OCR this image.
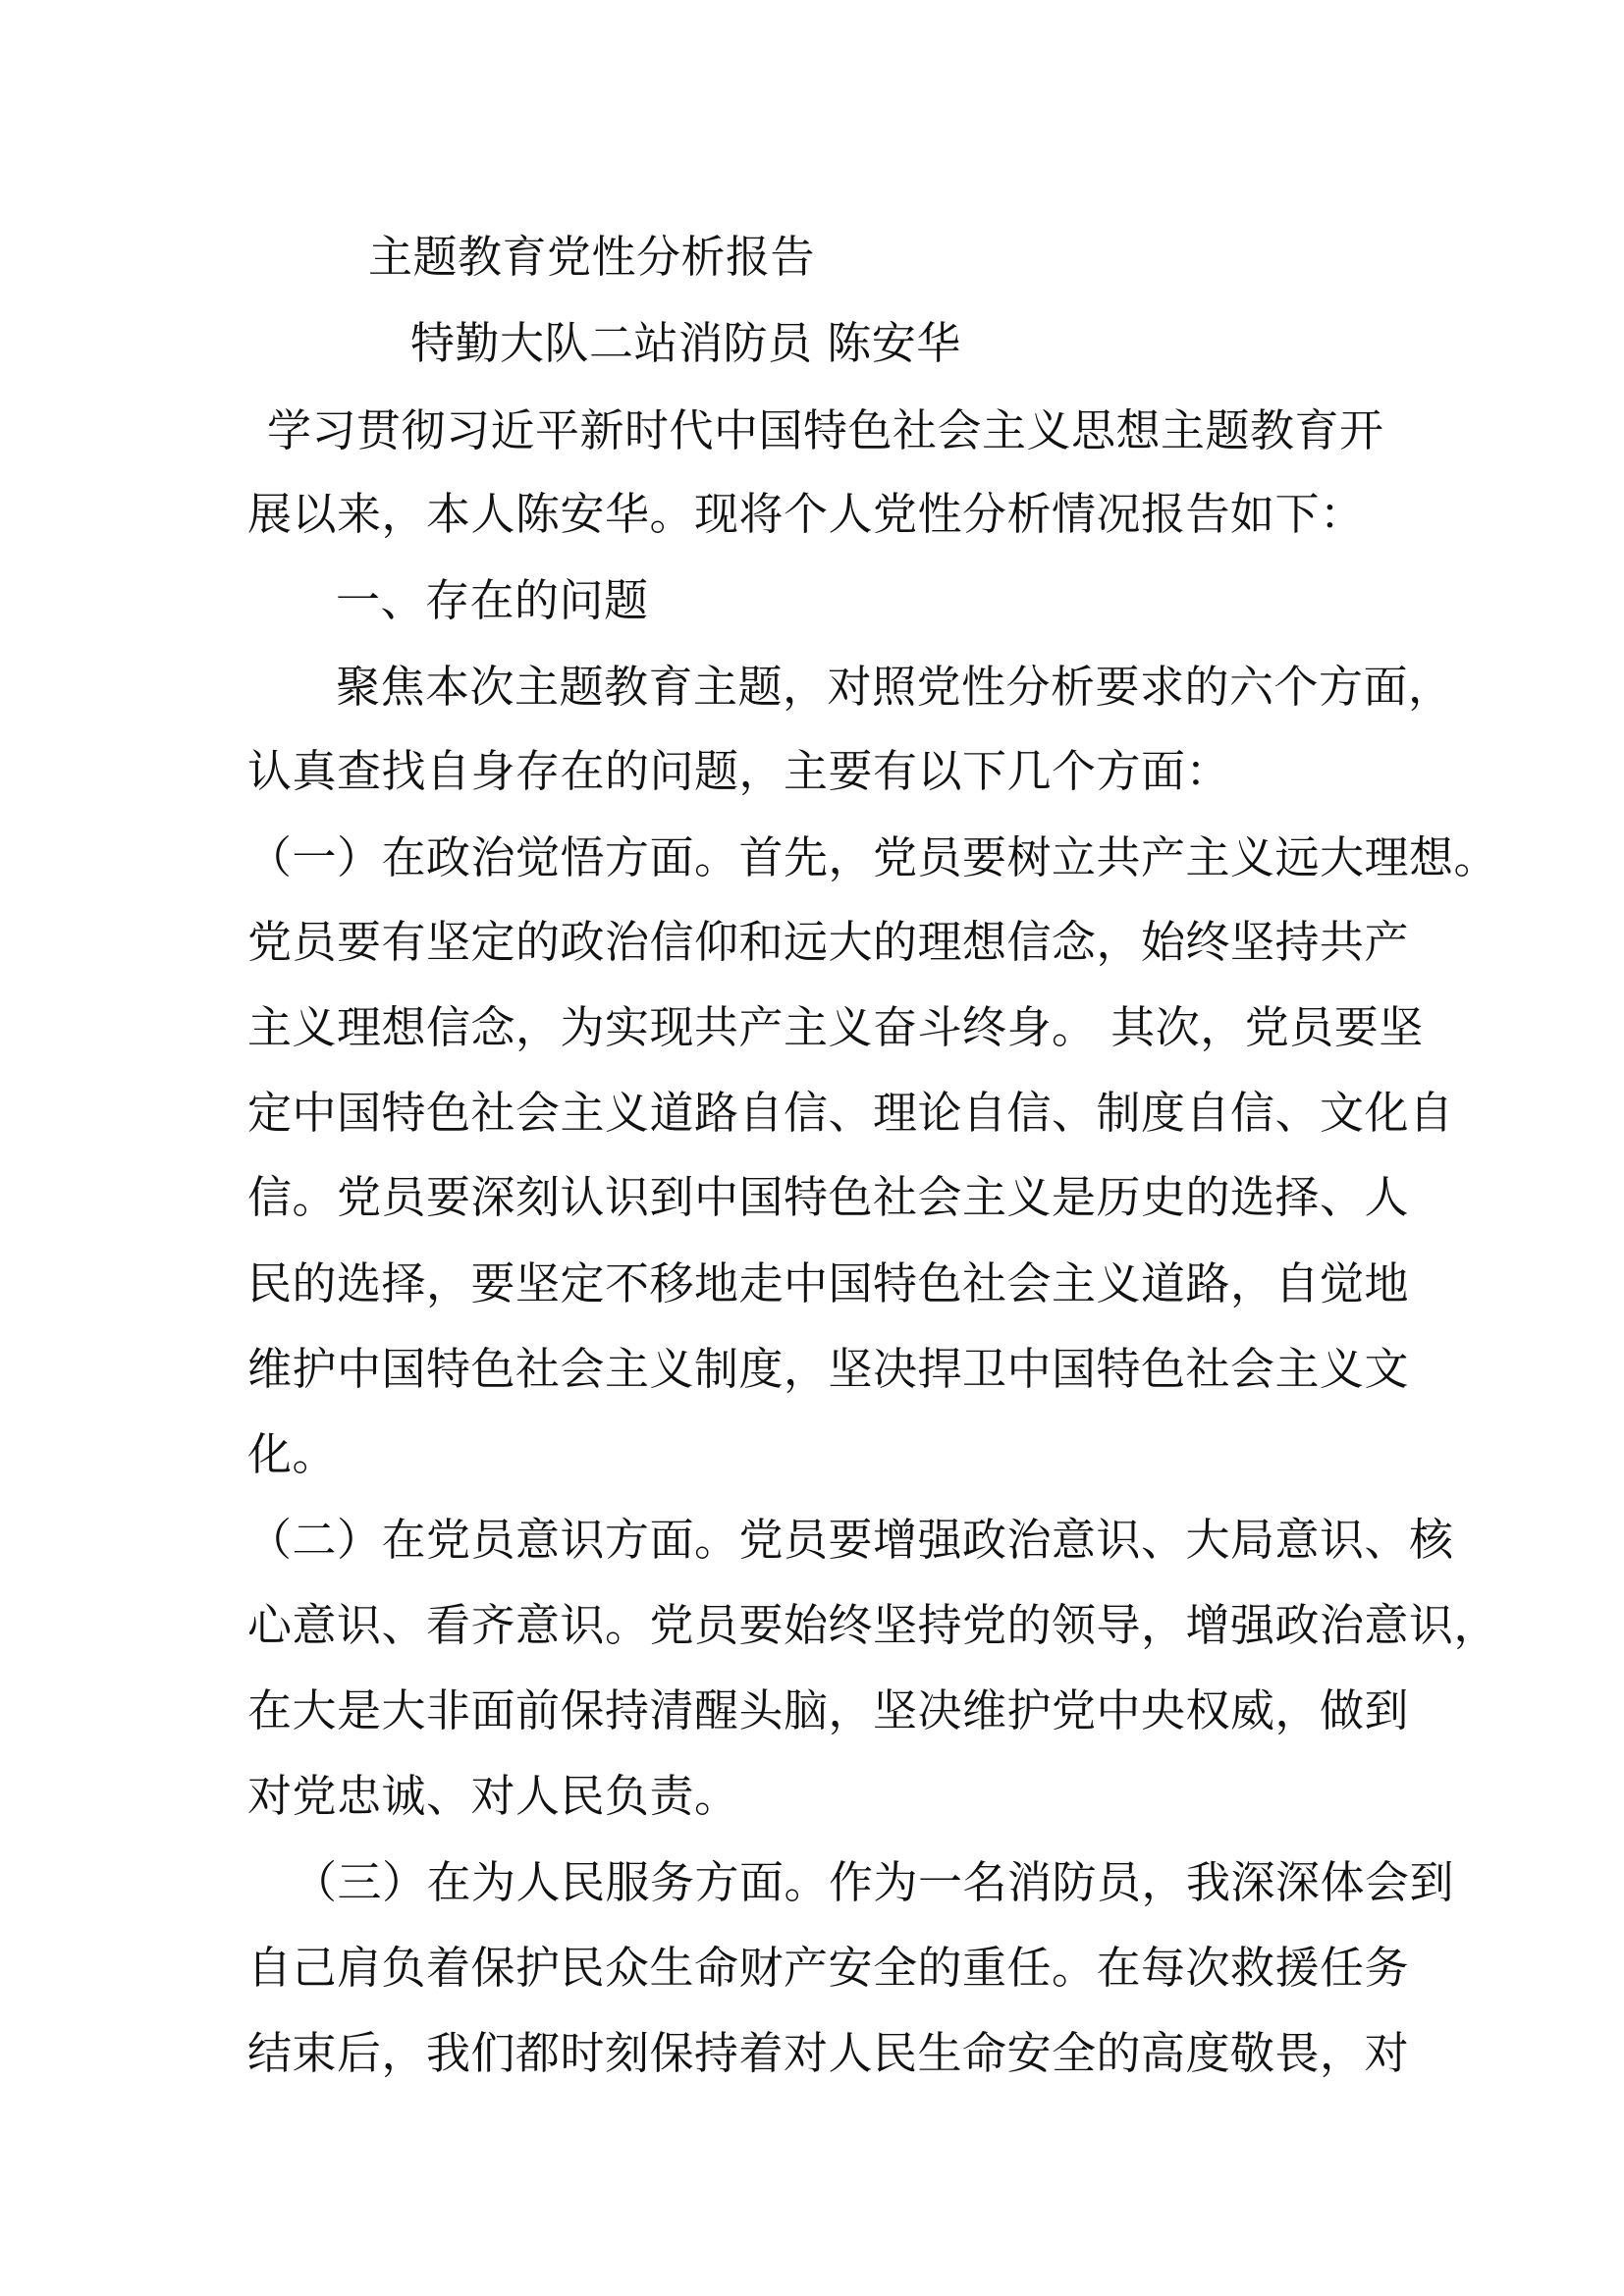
主题教育党性分析报告
特勤大队二站消防员 陈安华
学习贯彻习近平新时代中国特色社会主义思想主题教育开
展以来，本人陈安华。现将个人党性分析情况报告如下：
一、存在的问题
聚焦本次主题教育主题，对照党性分析要求的六个方面，
认真查找自身存在的问题，主要有以下几个方面：
（一）在政治觉悟方面。首先，党员要树立共产主义远大理想。
党员要有坚定的政治信仰和远大的理想信念，始终坚持共产
主义理想信念，为实现共产主义奋斗终身。 其次，党员要坚
定中国特色社会主义道路自信、理论自信、制度自信、文化自
信。党员要深刻认识到中国特色社会主义是历史的选择、人
民的选择，要坚定不移地走中国特色社会主义道路，自觉地
维护中国特色社会主义制度，坚决捍卫中国特色社会主义文
化。
（二）在党员意识方面。党员要增强政治意识、大局意识、核
心意识、看齐意识。党员要始终坚持党的领导，增强政治意识，
在大是大非面前保持清醒头脑，坚决维护党中央权威，做到
对党忠诚、对人民负责。
（三）在为人民服务方面。作为一名消防员，我深深体会到
自己肩负着保护民众生命财产安全的重任。在每次救援任务
结束后，我们都时刻保持着对人民生命安全的高度敬畏，对
